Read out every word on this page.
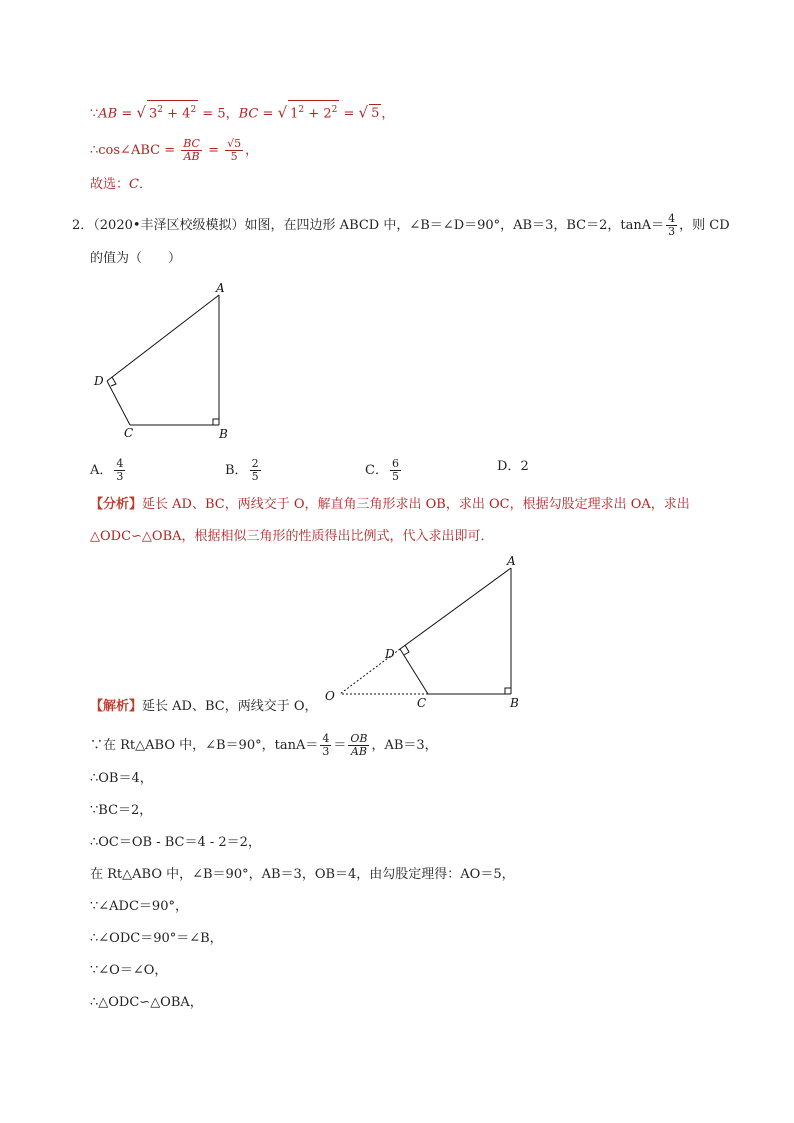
∵AB = √ $3^2 + 4^2 = 5$，BC = √ $1^2 + 2^2$ = √ 5 ，
∴cos∠ABC = $\frac{BC}{AB} = \frac{√5}{5}$ ，
故选：C．
2．（2020•丰泽区校级模拟）如图，在四边形 ABCD 中，∠B＝∠D＝90°，AB＝3，BC＝2，$\tan A= \frac{4}{3}$ ，则 CD
的值为（　　）
A
B
C
D
A． $\frac{4}{3}$	B． $\frac{2}{5}$	C． $\frac{6}{5}$	D．2
【分析】延长 AD、BC，两线交于 O，解直角三角形求出 OB，求出 OC，根据勾股定理求出 OA，求出
△ODC∽△OBA，根据相似三角形的性质得出比例式，代入求出即可．
A
B
C
D
O
【解析】延长 AD、BC，两线交于 O，
∵在 Rt△ABO 中，∠B＝90°，$\tan A= \frac{4}{3} = \frac{OB}{AB}$ ，AB＝3，
∴OB＝4，
∵BC＝2，
∴OC＝OB - BC＝4 - 2＝2，
在 Rt△ABO 中，∠B＝90°，AB＝3，OB＝4，由勾股定理得：AO＝5，
∵∠ADC＝90°，
∴∠ODC＝90°＝∠B，
∵∠O＝∠O，
∴△ODC∽△OBA，
